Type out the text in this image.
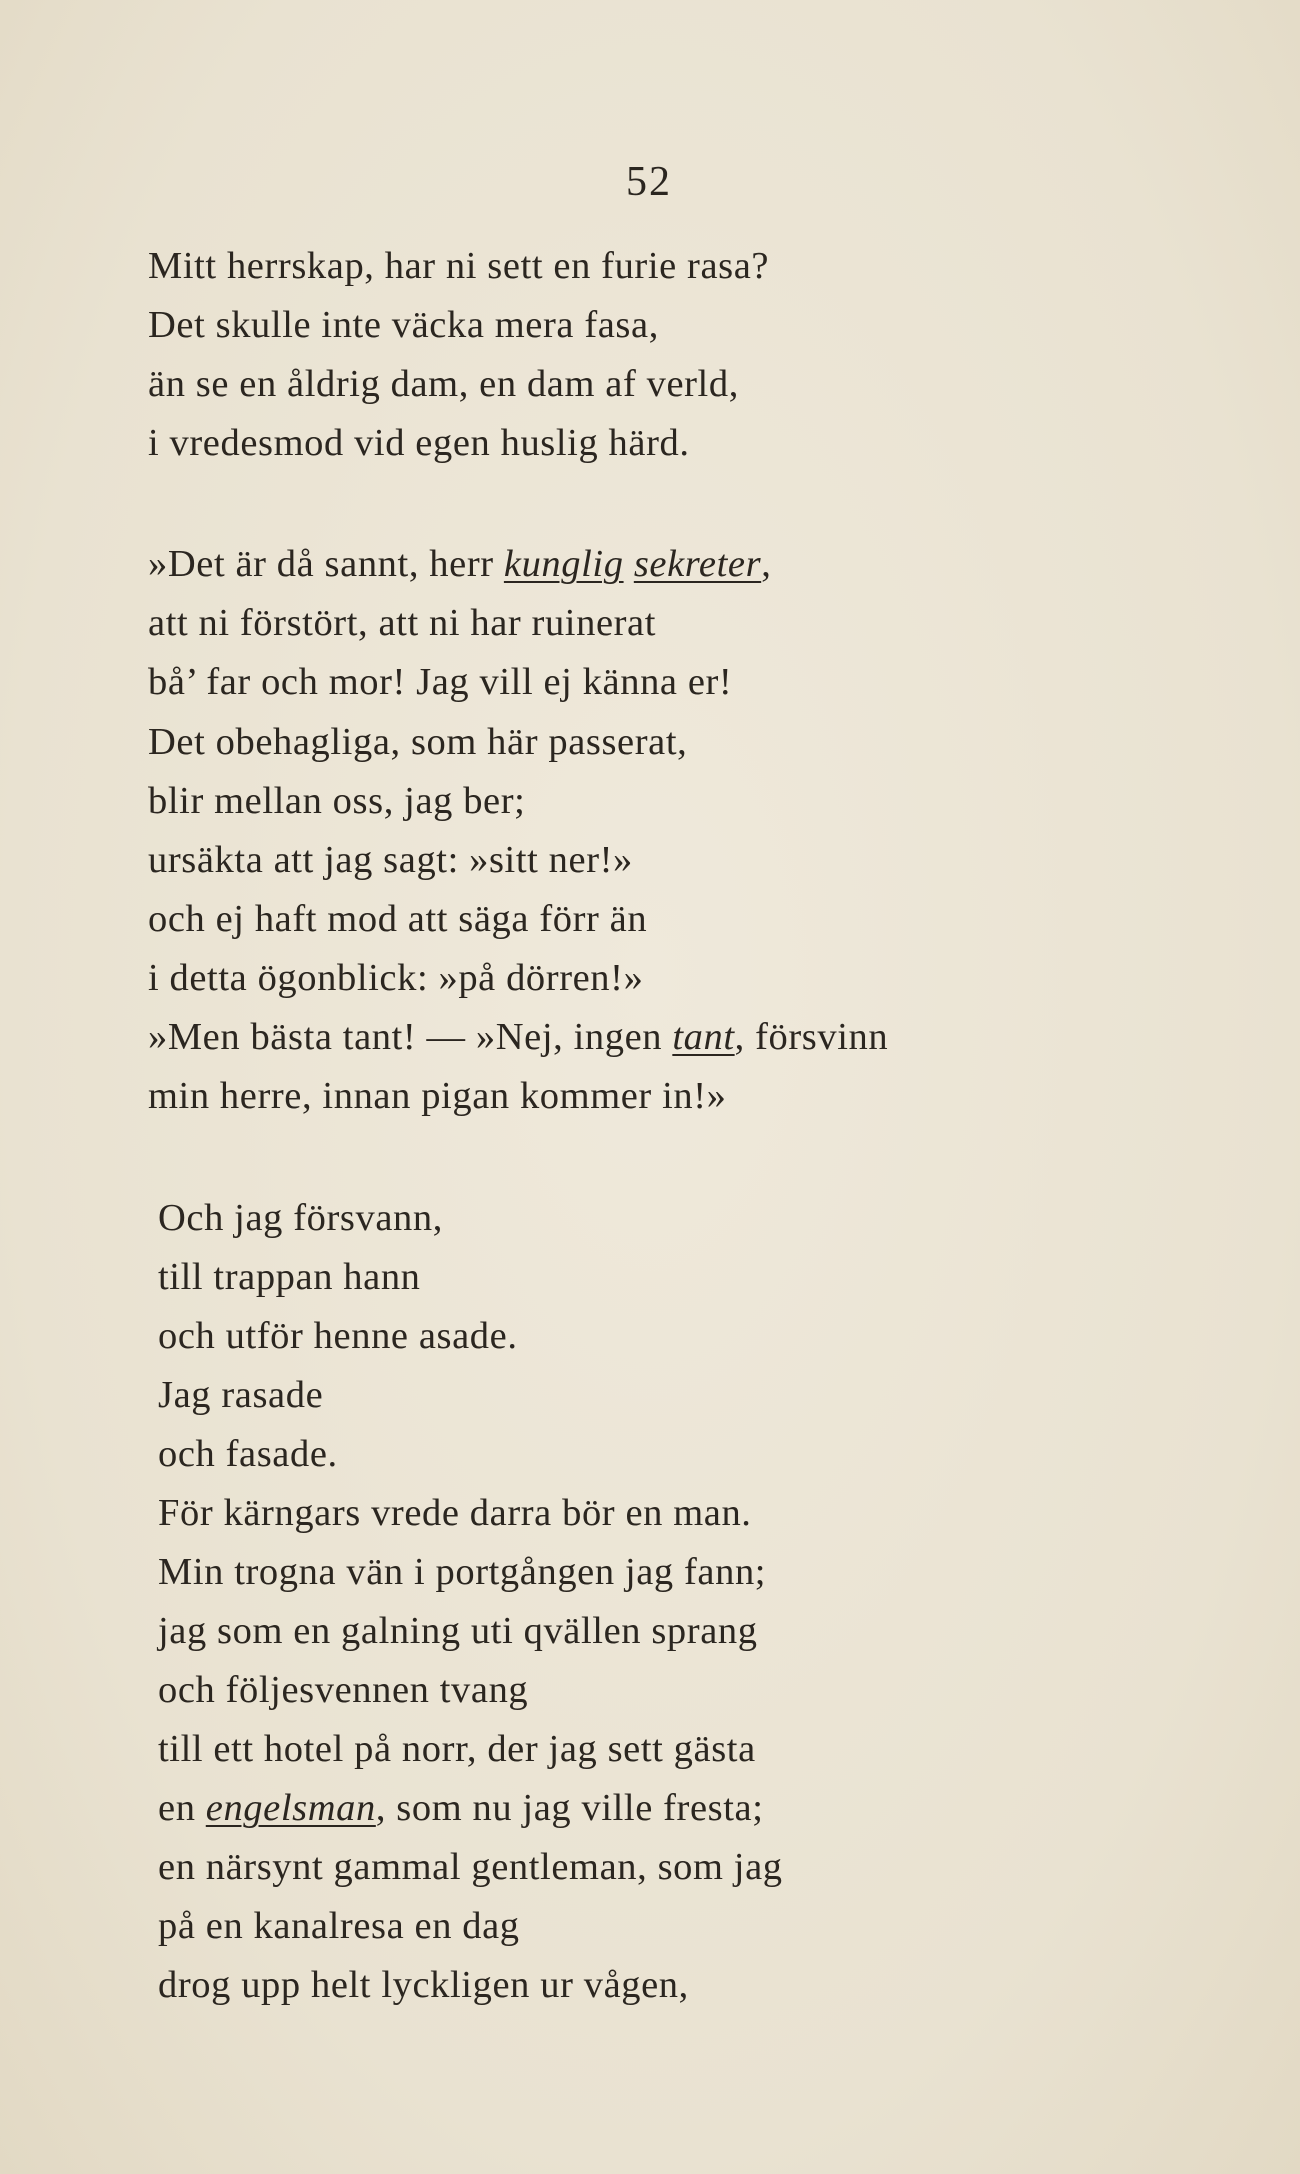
52
Mitt herrskap, har ni sett en furie rasa?
Det skulle inte väcka mera fasa,
än se en åldrig dam, en dam af verld,
i vredesmod vid egen huslig härd.
»Det är då sannt, herr kunglig sekreter,
att ni förstört, att ni har ruinerat
bå’ far och mor! Jag vill ej känna er!
Det obehagliga, som här passerat,
blir mellan oss, jag ber;
ursäkta att jag sagt: »sitt ner!»
och ej haft mod att säga förr än
i detta ögonblick: »på dörren!»
»Men bästa tant! — »Nej, ingen tant, försvinn
min herre, innan pigan kommer in!»
Och jag försvann,
till trappan hann
och utför henne asade.
Jag rasade
och fasade.
För kärngars vrede darra bör en man.
Min trogna vän i portgången jag fann;
jag som en galning uti qvällen sprang
och följesvennen tvang
till ett hotel på norr, der jag sett gästa
en engelsman, som nu jag ville fresta;
en närsynt gammal gentleman, som jag
på en kanalresa en dag
drog upp helt lyckligen ur vågen,
